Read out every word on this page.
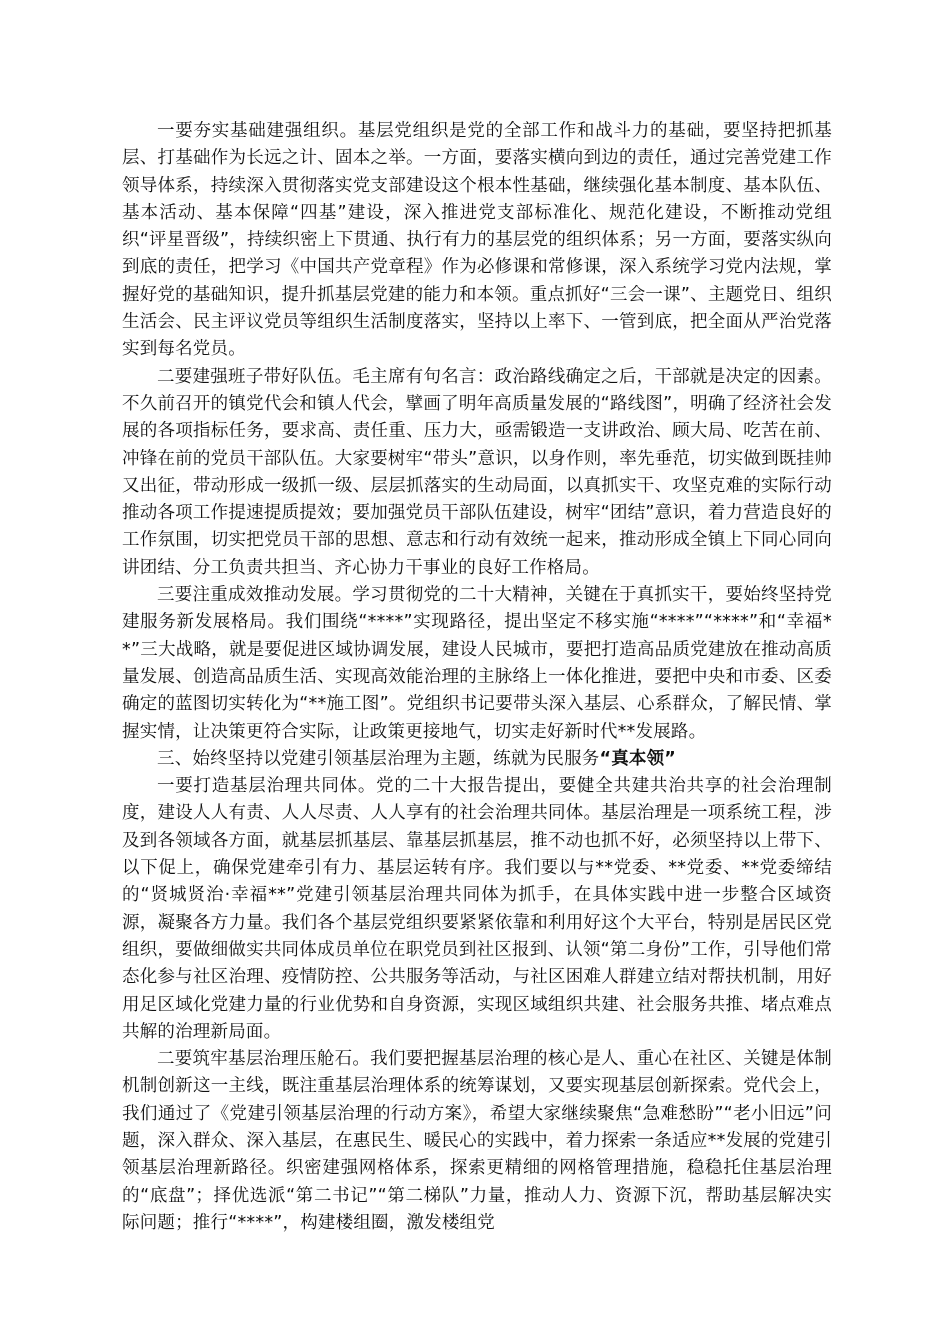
一要夯实基础建强组织。基层党组织是党的全部工作和战斗力的基础，要坚持把抓基层、打基础作为长远之计、固本之举。一方面，要落实横向到边的责任，通过完善党建工作领导体系，持续深入贯彻落实党支部建设这个根本性基础，继续强化基本制度、基本队伍、基本活动、基本保障“四基”建设，深入推进党支部标准化、规范化建设，不断推动党组织“评星晋级”，持续织密上下贯通、执行有力的基层党的组织体系；另一方面，要落实纵向到底的责任，把学习《中国共产党章程》作为必修课和常修课，深入系统学习党内法规，掌握好党的基础知识，提升抓基层党建的能力和本领。重点抓好“三会一课”、主题党日、组织生活会、民主评议党员等组织生活制度落实，坚持以上率下、一管到底，把全面从严治党落实到每名党员。

二要建强班子带好队伍。毛主席有句名言：政治路线确定之后，干部就是决定的因素。不久前召开的镇党代会和镇人代会，擘画了明年高质量发展的“路线图”，明确了经济社会发展的各项指标任务，要求高、责任重、压力大，亟需锻造一支讲政治、顾大局、吃苦在前、冲锋在前的党员干部队伍。大家要树牢“带头”意识，以身作则，率先垂范，切实做到既挂帅又出征，带动形成一级抓一级、层层抓落实的生动局面，以真抓实干、攻坚克难的实际行动推动各项工作提速提质提效；要加强党员干部队伍建设，树牢“团结”意识，着力营造良好的工作氛围，切实把党员干部的思想、意志和行动有效统一起来，推动形成全镇上下同心同向讲团结、分工负责共担当、齐心协力干事业的良好工作格局。

三要注重成效推动发展。学习贯彻党的二十大精神，关键在于真抓实干，要始终坚持党建服务新发展格局。我们围绕“****”实现路径，提出坚定不移实施“****”“****”和“幸福**”三大战略，就是要促进区域协调发展，建设人民城市，要把打造高品质党建放在推动高质量发展、创造高品质生活、实现高效能治理的主脉络上一体化推进，要把中央和市委、区委确定的蓝图切实转化为“**施工图”。党组织书记要带头深入基层、心系群众，了解民情、掌握实情，让决策更符合实际，让政策更接地气，切实走好新时代**发展路。

三、始终坚持以党建引领基层治理为主题，练就为民服务“真本领”

一要打造基层治理共同体。党的二十大报告提出，要健全共建共治共享的社会治理制度，建设人人有责、人人尽责、人人享有的社会治理共同体。基层治理是一项系统工程，涉及到各领域各方面，就基层抓基层、靠基层抓基层，推不动也抓不好，必须坚持以上带下、以下促上，确保党建牵引有力、基层运转有序。我们要以与**党委、**党委、**党委缔结的“贤城贤治·幸福**”党建引领基层治理共同体为抓手，在具体实践中进一步整合区域资源，凝聚各方力量。我们各个基层党组织要紧紧依靠和利用好这个大平台，特别是居民区党组织，要做细做实共同体成员单位在职党员到社区报到、认领“第二身份”工作，引导他们常态化参与社区治理、疫情防控、公共服务等活动，与社区困难人群建立结对帮扶机制，用好用足区域化党建力量的行业优势和自身资源，实现区域组织共建、社会服务共推、堵点难点共解的治理新局面。

二要筑牢基层治理压舱石。我们要把握基层治理的核心是人、重心在社区、关键是体制机制创新这一主线，既注重基层治理体系的统筹谋划，又要实现基层创新探索。党代会上，我们通过了《党建引领基层治理的行动方案》，希望大家继续聚焦“急难愁盼”“老小旧远”问题，深入群众、深入基层，在惠民生、暖民心的实践中，着力探索一条适应**发展的党建引领基层治理新路径。织密建强网格体系，探索更精细的网格管理措施，稳稳托住基层治理的“底盘”；择优选派“第二书记”“第二梯队”力量，推动人力、资源下沉，帮助基层解决实际问题；推行“****”，构建楼组圈，激发楼组党
